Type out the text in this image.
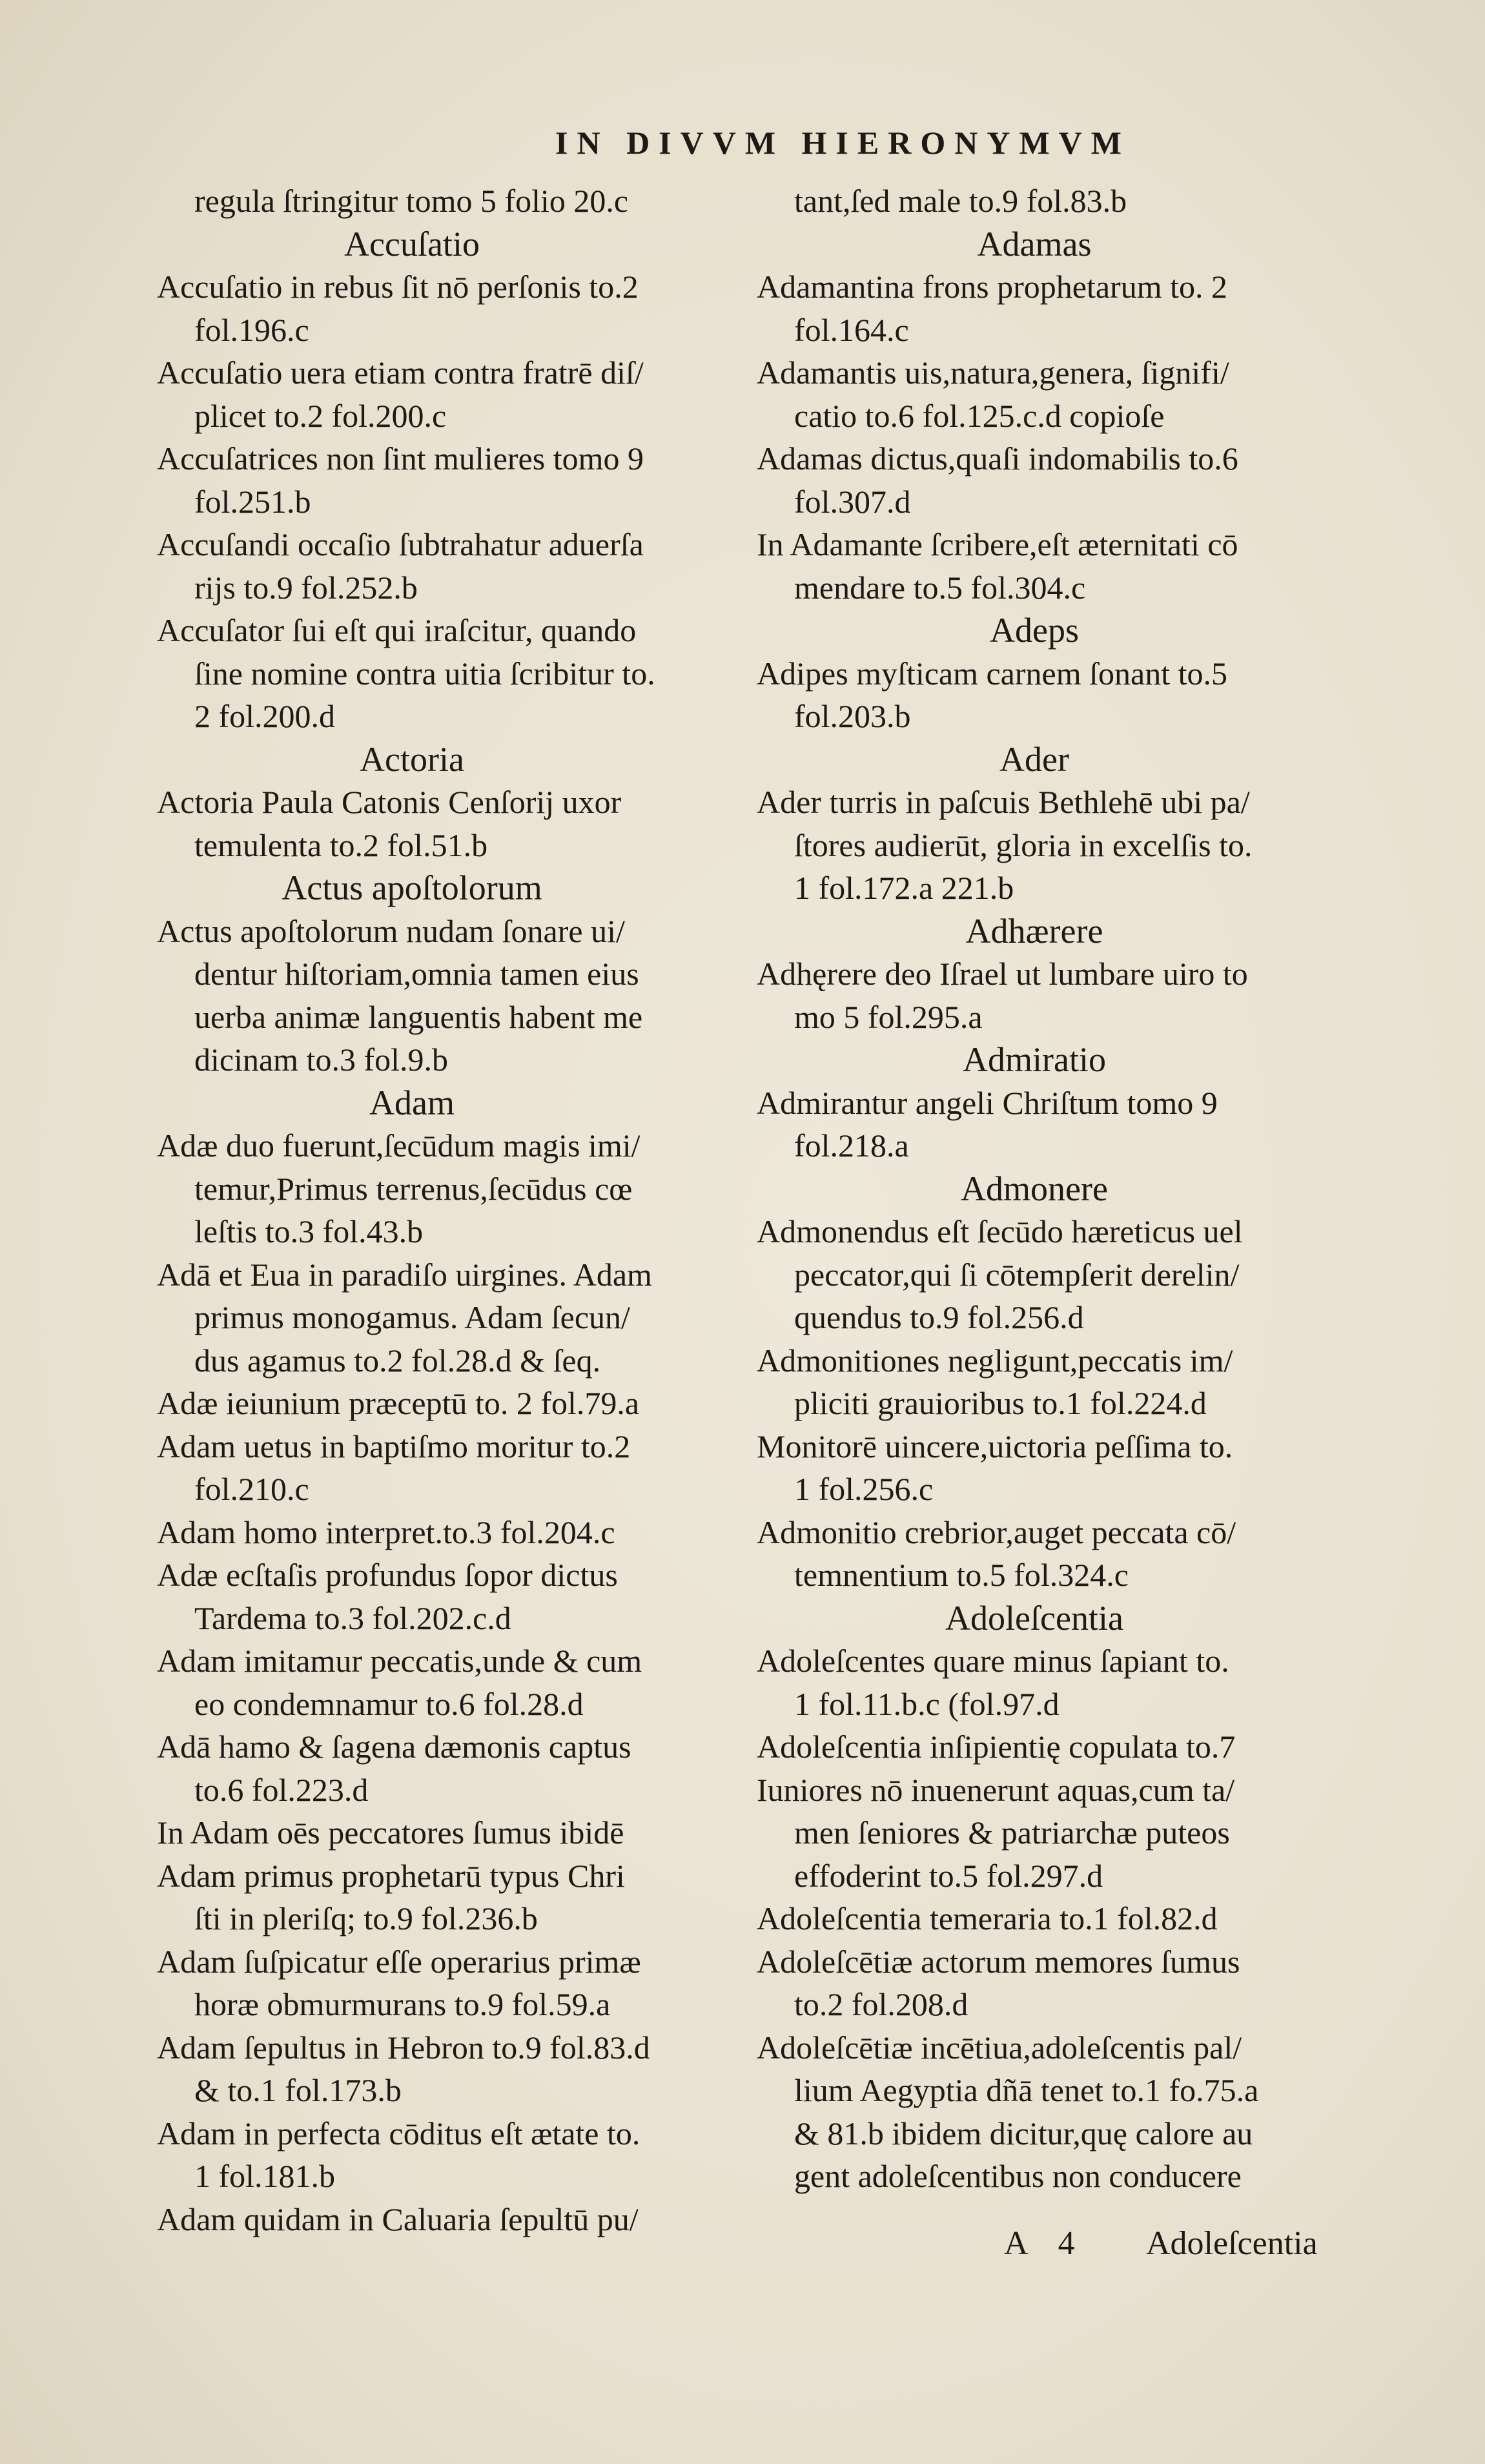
IN DIVVM HIERONYMVM
regula ſtringitur tomo 5 folio 20.c
Accuſatio
Accuſatio in rebus ſit nō perſonis to.2
fol.196.c
Accuſatio uera etiam contra fratrē diſ/
plicet to.2 fol.200.c
Accuſatrices non ſint mulieres tomo 9
fol.251.b
Accuſandi occaſio ſubtrahatur aduerſa
rijs to.9 fol.252.b
Accuſator ſui eſt qui iraſcitur, quando
ſine nomine contra uitia ſcribitur to.
2 fol.200.d
Actoria
Actoria Paula Catonis Cenſorij uxor
temulenta to.2 fol.51.b
Actus apoſtolorum
Actus apoſtolorum nudam ſonare ui/
dentur hiſtoriam,omnia tamen eius
uerba animæ languentis habent me
dicinam to.3 fol.9.b
Adam
Adæ duo fuerunt,ſecūdum magis imi/
temur,Primus terrenus,ſecūdus cœ
leſtis to.3 fol.43.b
Adā et Eua in paradiſo uirgines. Adam
primus monogamus. Adam ſecun/
dus agamus to.2 fol.28.d & ſeq.
Adæ ieiunium præceptū to. 2 fol.79.a
Adam uetus in baptiſmo moritur to.2
fol.210.c
Adam homo interpret.to.3 fol.204.c
Adæ ecſtaſis profundus ſopor dictus
Tardema to.3 fol.202.c.d
Adam imitamur peccatis,unde & cum
eo condemnamur to.6 fol.28.d
Adā hamo & ſagena dæmonis captus
to.6 fol.223.d
In Adam oēs peccatores ſumus ibidē
Adam primus prophetarū typus Chri
ſti in pleriſq; to.9 fol.236.b
Adam ſuſpicatur eſſe operarius primæ
horæ obmurmurans to.9 fol.59.a
Adam ſepultus in Hebron to.9 fol.83.d
& to.1 fol.173.b
Adam in perfecta cōditus eſt ætate to.
1 fol.181.b
Adam quidam in Caluaria ſepultū pu/
tant,ſed male to.9 fol.83.b
Adamas
Adamantina frons prophetarum to. 2
fol.164.c
Adamantis uis,natura,genera, ſignifi/
catio to.6 fol.125.c.d copioſe
Adamas dictus,quaſi indomabilis to.6
fol.307.d
In Adamante ſcribere,eſt æternitati cō
mendare to.5 fol.304.c
Adeps
Adipes myſticam carnem ſonant to.5
fol.203.b
Ader
Ader turris in paſcuis Bethlehē ubi pa/
ſtores audierūt, gloria in excelſis to.
1 fol.172.a 221.b
Adhærere
Adhęrere deo Iſrael ut lumbare uiro to
mo 5 fol.295.a
Admiratio
Admirantur angeli Chriſtum tomo 9
fol.218.a
Admonere
Admonendus eſt ſecūdo hæreticus uel
peccator,qui ſi cōtempſerit derelin/
quendus to.9 fol.256.d
Admonitiones negligunt,peccatis im/
pliciti grauioribus to.1 fol.224.d
Monitorē uincere,uictoria peſſima to.
1 fol.256.c
Admonitio crebrior,auget peccata cō/
temnentium to.5 fol.324.c
Adoleſcentia
Adoleſcentes quare minus ſapiant to.
1 fol.11.b.c (fol.97.d
Adoleſcentia inſipientię copulata to.7
Iuniores nō inuenerunt aquas,cum ta/
men ſeniores & patriarchæ puteos
effoderint to.5 fol.297.d
Adoleſcentia temeraria to.1 fol.82.d
Adoleſcētiæ actorum memores ſumus
to.2 fol.208.d
Adoleſcētiæ incētiua,adoleſcentis pal/
lium Aegyptia dñā tenet to.1 fo.75.a
& 81.b ibidem dicitur,quę calore au
gent adoleſcentibus non conducere
A 4 Adoleſcentia
